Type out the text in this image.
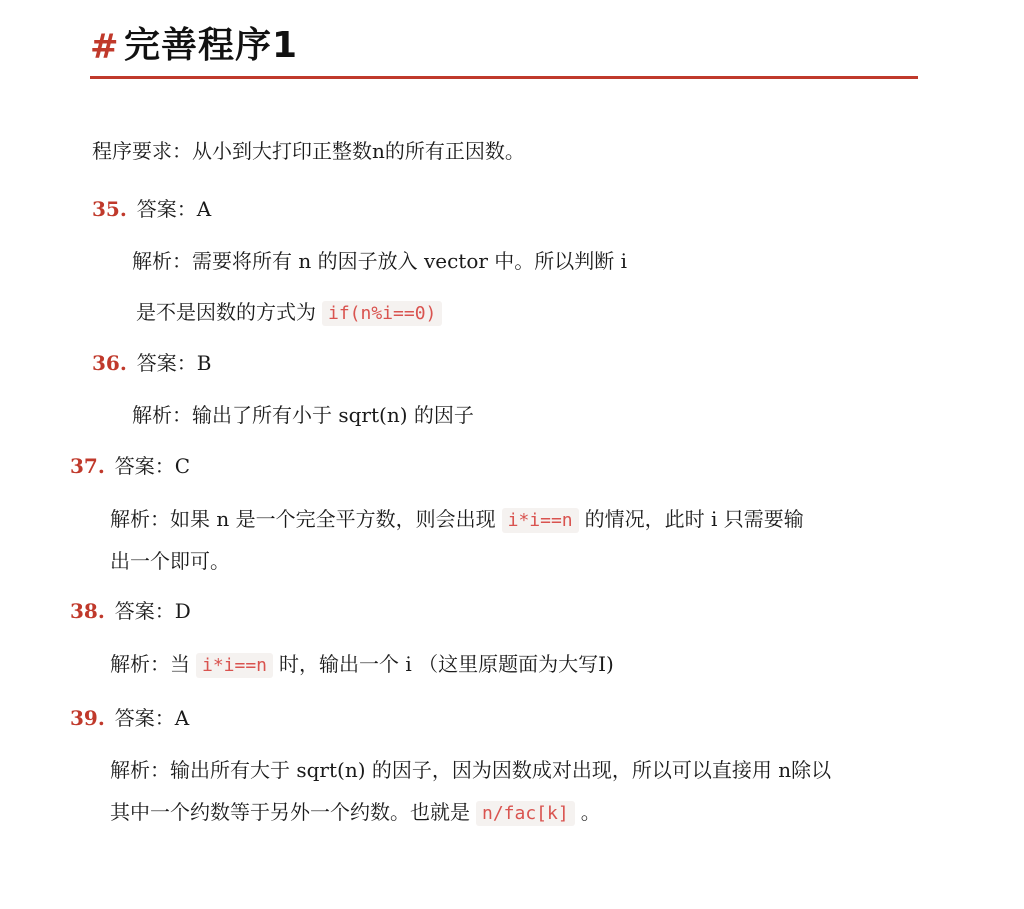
# 完善程序1
程序要求：从小到大打印正整数n的所有正因数。
35. 答案：A
解析：需要将所有 n 的因子放入 vector 中。所以判断 i
是不是因数的方式为 if(n%i==0)
36. 答案：B
解析：输出了所有小于 sqrt(n) 的因子
37. 答案：C
解析：如果 n 是一个完全平方数，则会出现 i*i==n 的情况，此时 i 只需要输
出一个即可。
38. 答案：D
解析：当 i*i==n 时，输出一个 i （这里原题面为大写I)
39. 答案：A
解析：输出所有大于 sqrt(n) 的因子，因为因数成对出现，所以可以直接用 n除以
其中一个约数等于另外一个约数。也就是 n/fac[k] 。
